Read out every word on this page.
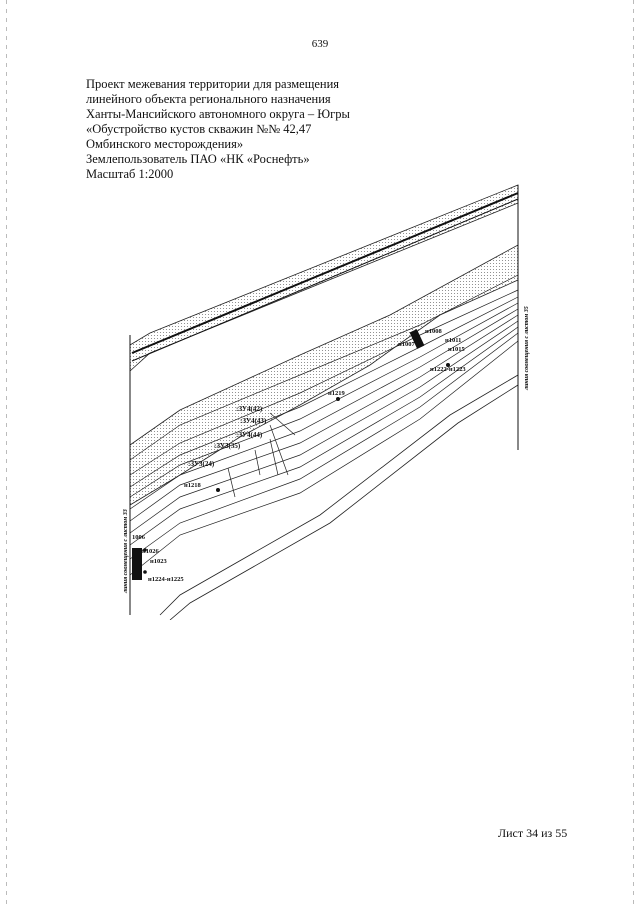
639
Проект межевания территории для размещения
линейного объекта регионального назначения
Ханты-Мансийского автономного округа – Югры
«Обустройство кустов скважин №№ 42,47
Омбинского месторождения»
Землепользователь ПАО «НК «Роснефть»
Масштаб 1:2000
линия совмещения с листом 33
линия совмещения с листом 35
:ЗУ4(42)
:ЗУ4(43)
:ЗУ4(44)
:ЗУ3(35)
:ЗУ3(24)
н1008
н1011
н1007
н1015
н1222-н1223
н1219
н1218
1006
н1026
н1023
н1224-н1225
Лист 34 из 55
